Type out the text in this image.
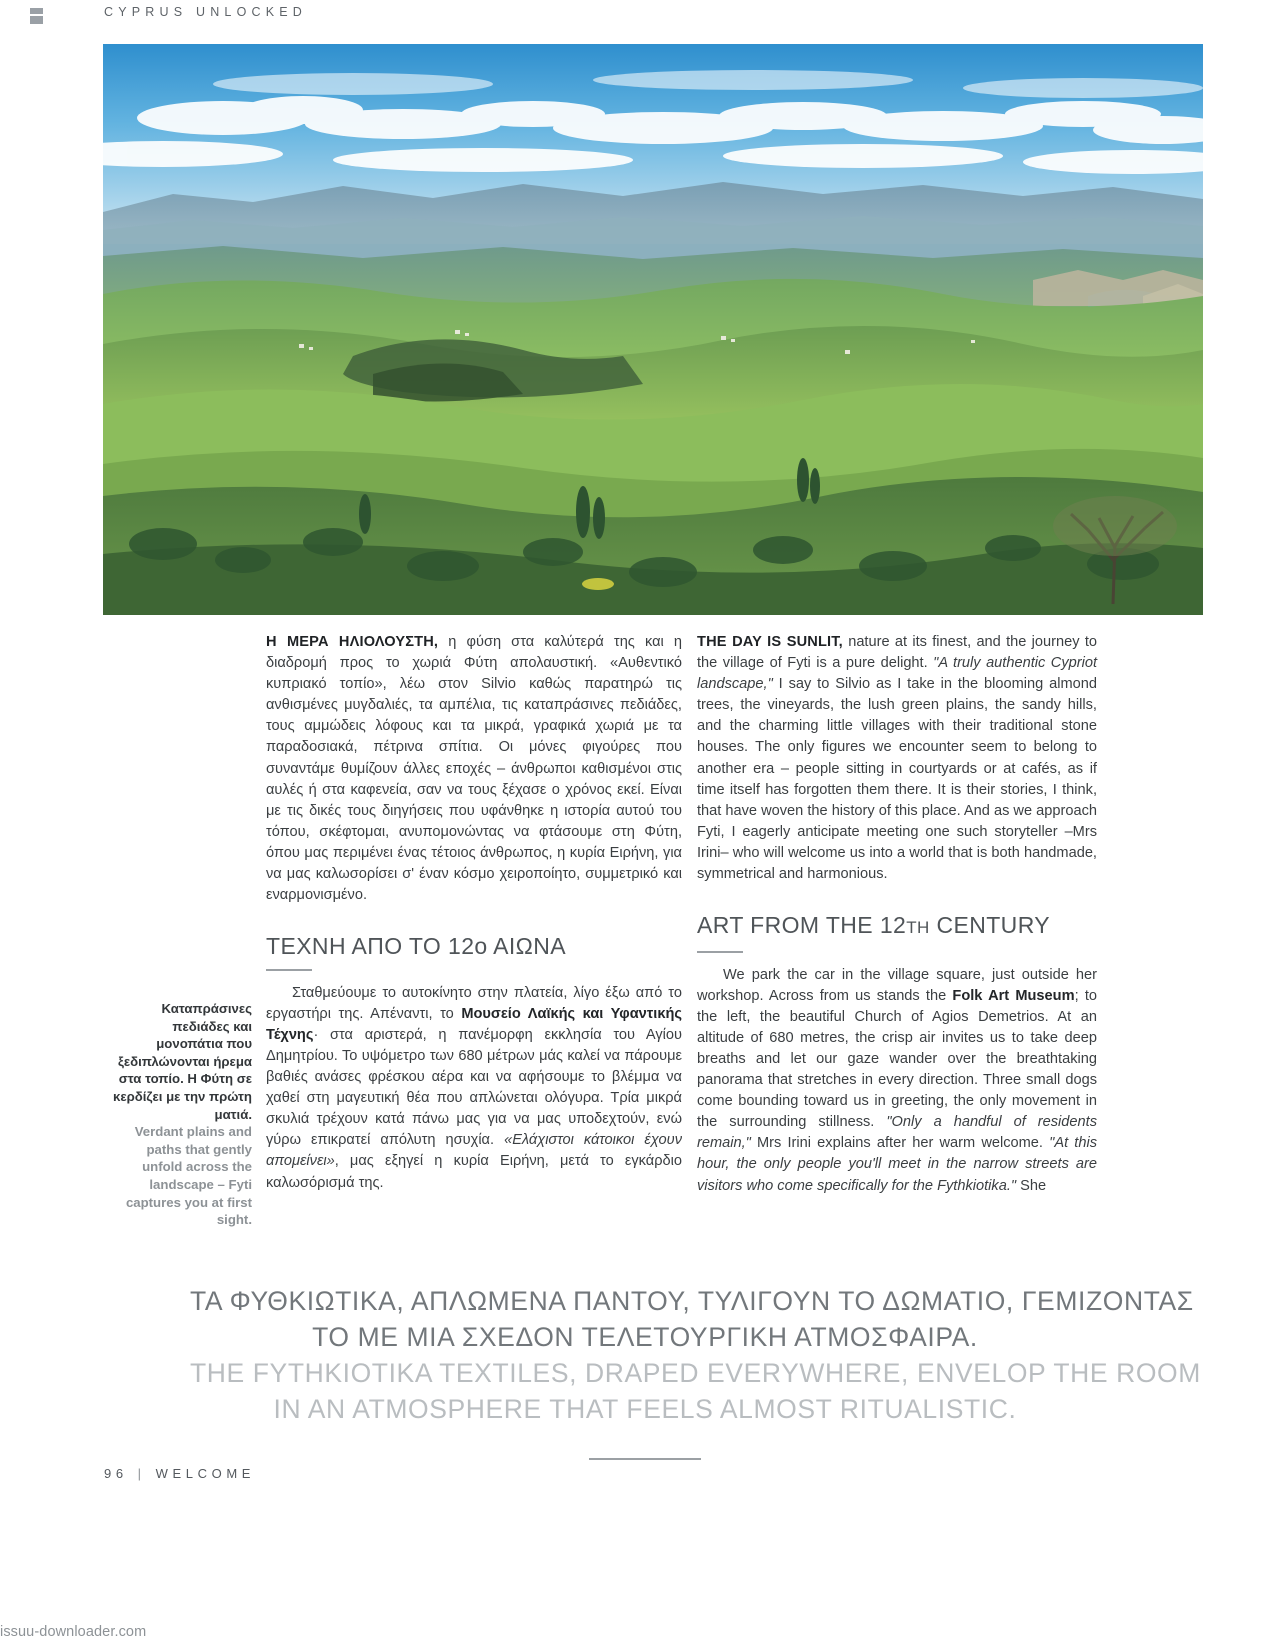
CYPRUS UNLOCKED
Καταπράσινες πεδιάδες και μονοπάτια που ξεδιπλώνονται ήρεμα στα τοπίο. Η Φύτη σε κερδίζει με την πρώτη ματιά.
Verdant plains and paths that gently unfold across the landscape – Fyti captures you at first sight.

Η ΜΕΡΑ ΗΛΙΟΛΟΥΣΤΗ, η φύση στα καλύτερά της και η διαδρομή προς το χωριά Φύτη απολαυστική. «Αυθεντικό κυπριακό τοπίο», λέω στον Silvio καθώς παρατηρώ τις ανθισμένες μυγδαλιές, τα αμπέλια, τις καταπράσινες πεδιάδες, τους αμμώδεις λόφους και τα μικρά, γραφικά χωριά με τα παραδοσιακά, πέτρινα σπίτια. Οι μόνες φιγούρες που συναντάμε θυμίζουν άλλες εποχές – άνθρωποι καθισμένοι στις αυλές ή στα καφενεία, σαν να τους ξέχασε ο χρόνος εκεί. Είναι με τις δικές τους διηγήσεις που υφάνθηκε η ιστορία αυτού του τόπου, σκέφτομαι, ανυπομονώντας να φτάσουμε στη Φύτη, όπου μας περιμένει ένας τέτοιος άνθρωπος, η κυρία Ειρήνη, για να μας καλωσορίσει σ' έναν κόσμο χειροποίητο, συμμετρικό και εναρμονισμένο.

ΤΕΧΝΗ ΑΠΟ ΤΟ 12ο ΑΙΩΝΑ

Σταθμεύουμε το αυτοκίνητο στην πλατεία, λίγο έξω από το εργαστήρι της. Απέναντι, το Μουσείο Λαϊκής και Υφαντικής Τέχνης· στα αριστερά, η πανέμορφη εκκλησία του Αγίου Δημητρίου. Το υψόμετρο των 680 μέτρων μάς καλεί να πάρουμε βαθιές ανάσες φρέσκου αέρα και να αφήσουμε το βλέμμα να χαθεί στη μαγευτική θέα που απλώνεται ολόγυρα. Τρία μικρά σκυλιά τρέχουν κατά πάνω μας για να μας υποδεχτούν, ενώ γύρω επικρατεί απόλυτη ησυχία. «Ελάχιστοι κάτοικοι έχουν απομείνει», μας εξηγεί η κυρία Ειρήνη, μετά το εγκάρδιο καλωσόρισμά της.

THE DAY IS SUNLIT, nature at its finest, and the journey to the village of Fyti is a pure delight. "A truly authentic Cypriot landscape," I say to Silvio as I take in the blooming almond trees, the vineyards, the lush green plains, the sandy hills, and the charming little villages with their traditional stone houses. The only figures we encounter seem to belong to another era – people sitting in courtyards or at cafés, as if time itself has forgotten them there. It is their stories, I think, that have woven the history of this place. And as we approach Fyti, I eagerly anticipate meeting one such storyteller –Mrs Irini– who will welcome us into a world that is both handmade, symmetrical and harmonious.

ART FROM THE 12TH CENTURY

We park the car in the village square, just outside her workshop. Across from us stands the Folk Art Museum; to the left, the beautiful Church of Agios Demetrios. At an altitude of 680 metres, the crisp air invites us to take deep breaths and let our gaze wander over the breathtaking panorama that stretches in every direction. Three small dogs come bounding toward us in greeting, the only movement in the surrounding stillness. "Only a handful of residents remain," Mrs Irini explains after her warm welcome. "At this hour, the only people you'll meet in the narrow streets are visitors who come specifically for the Fythkiotika." She

ΤΑ ΦΥΘΚΙΩΤΙΚΑ, ΑΠΛΩΜΕΝΑ ΠΑΝΤΟΥ, ΤΥΛΙΓΟΥΝ ΤΟ ΔΩΜΑΤΙΟ, ΓΕΜΙΖΟΝΤΑΣ
ΤΟ ΜΕ ΜΙΑ ΣΧΕΔΟΝ ΤΕΛΕΤΟΥΡΓΙΚΗ ΑΤΜΟΣΦΑΙΡΑ.
THE FYTHKIOTIKA TEXTILES, DRAPED EVERYWHERE, ENVELOP THE ROOM
IN AN ATMOSPHERE THAT FEELS ALMOST RITUALISTIC.
96 | WELCOME
issuu-downloader.com
